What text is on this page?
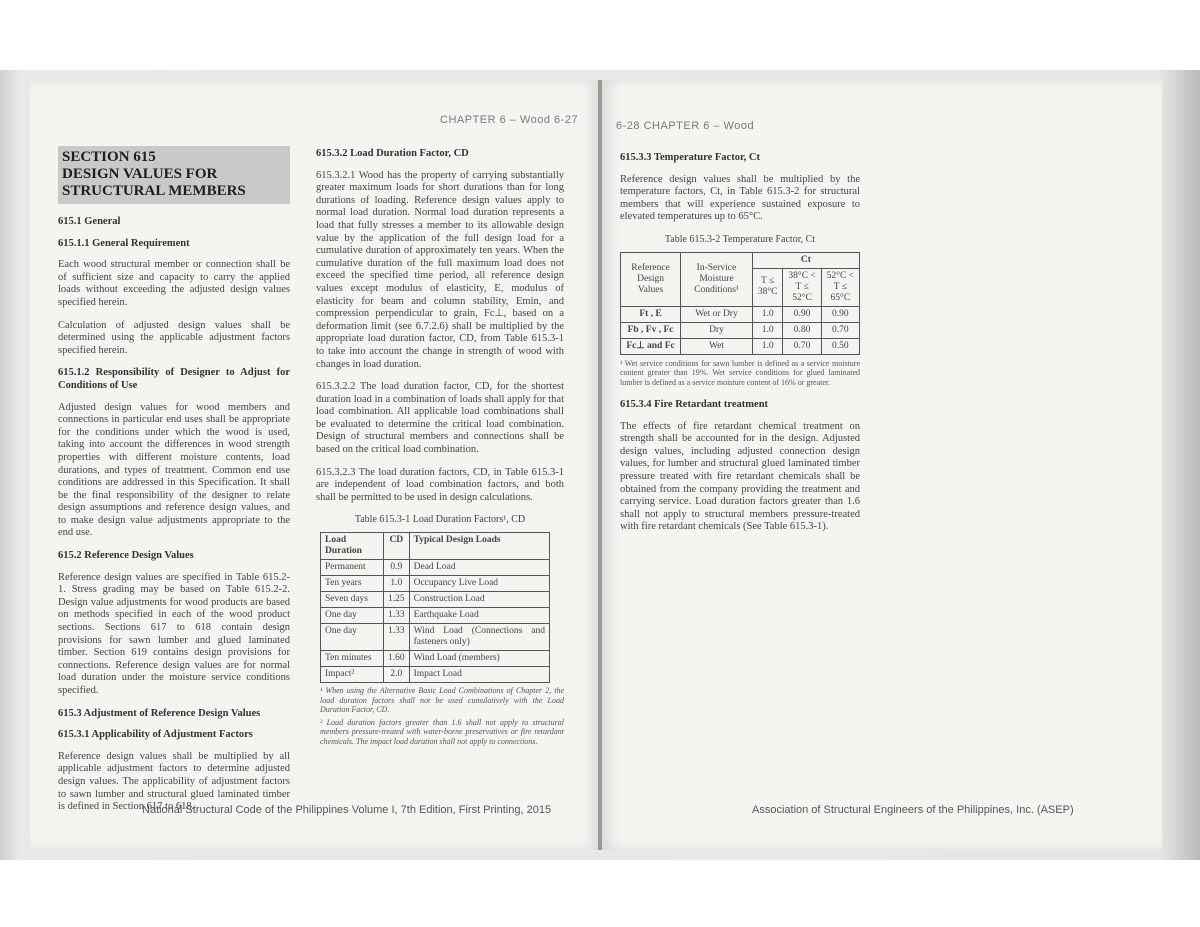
CHAPTER 6 – Wood 6-27
SECTION 615
DESIGN VALUES FOR
STRUCTURAL MEMBERS
615.1 General
615.1.1 General Requirement

Each wood structural member or connection shall be of sufficient size and capacity to carry the applied loads without exceeding the adjusted design values specified herein.

Calculation of adjusted design values shall be determined using the applicable adjustment factors specified herein.

615.1.2 Responsibility of Designer to Adjust for Conditions of Use

Adjusted design values for wood members and connections in particular end uses shall be appropriate for the conditions under which the wood is used, taking into account the differences in wood strength properties with different moisture contents, load durations, and types of treatment. Common end use conditions are addressed in this Specification. It shall be the final responsibility of the designer to relate design assumptions and reference design values, and to make design value adjustments appropriate to the end use.

615.2 Reference Design Values

Reference design values are specified in Table 615.2-1. Stress grading may be based on Table 615.2-2. Design value adjustments for wood products are based on methods specified in each of the wood product sections. Sections 617 to 618 contain design provisions for sawn lumber and glued laminated timber. Section 619 contains design provisions for connections. Reference design values are for normal load duration under the moisture service conditions specified.

615.3 Adjustment of Reference Design Values
615.3.1 Applicability of Adjustment Factors

Reference design values shall be multiplied by all applicable adjustment factors to determine adjusted design values. The applicability of adjustment factors to sawn lumber and structural glued laminated timber is defined in Section 617 to 618.

615.3.2 Load Duration Factor, CD

615.3.2.1 Wood has the property of carrying substantially greater maximum loads for short durations than for long durations of loading. Reference design values apply to normal load duration. Normal load duration represents a load that fully stresses a member to its allowable design value by the application of the full design load for a cumulative duration of approximately ten years. When the cumulative duration of the full maximum load does not exceed the specified time period, all reference design values except modulus of elasticity, E, modulus of elasticity for beam and column stability, Emin, and compression perpendicular to grain, Fc⊥, based on a deformation limit (see 6.7.2.6) shall be multiplied by the appropriate load duration factor, CD, from Table 615.3-1 to take into account the change in strength of wood with changes in load duration.

615.3.2.2 The load duration factor, CD, for the shortest duration load in a combination of loads shall apply for that load combination. All applicable load combinations shall be evaluated to determine the critical load combination. Design of structural members and connections shall be based on the critical load combination.

615.3.2.3 The load duration factors, CD, in Table 615.3-1 are independent of load combination factors, and both shall be permitted to be used in design calculations.

Table 615.3-1 Load Duration Factors¹, CD
Load Duration	CD	Typical Design Loads
Permanent	0.9	Dead Load
Ten years	1.0	Occupancy Live Load
Seven days	1.25	Construction Load
One day	1.33	Earthquake Load
One day	1.33	Wind Load (Connections and fasteners only)
Ten minutes	1.60	Wind Load (members)
Impact²	2.0	Impact Load
¹ When using the Alternative Basic Load Combinations of Chapter 2, the load duration factors shall not be used cumulatively with the Load Duration Factor, CD.
² Load duration factors greater than 1.6 shall not apply to structural members pressure-treated with water-borne preservatives or fire retardant chemicals. The impact load duration shall not apply to connections.
National Structural Code of the Philippines Volume I, 7th Edition, First Printing, 2015
6-28 CHAPTER 6 – Wood
615.3.3 Temperature Factor, Ct

Reference design values shall be multiplied by the temperature factors, Ct, in Table 615.3-2 for structural members that will experience sustained exposure to elevated temperatures up to 65°C.

Table 615.3-2 Temperature Factor, Ct
Reference Design Values	In-Service Moisture Conditions¹	Ct		
		T ≤ 38°C	38°C < T ≤ 52°C	52°C < T ≤ 65°C
Ft , E	Wet or Dry	1.0	0.90	0.90
Fb , Fv , Fc	Dry	1.0	0.80	0.70
Fc⊥ and Fc	Wet	1.0	0.70	0.50
¹ Wet service conditions for sawn lumber is defined as a service moisture content greater than 19%. Wet service conditions for glued laminated lumber is defined as a service moisture content of 16% or greater.
615.3.4 Fire Retardant treatment

The effects of fire retardant chemical treatment on strength shall be accounted for in the design. Adjusted design values, including adjusted connection design values, for lumber and structural glued laminated timber pressure treated with fire retardant chemicals shall be obtained from the company providing the treatment and carrying service. Load duration factors greater than 1.6 shall not apply to structural members pressure-treated with fire retardant chemicals (See Table 615.3-1).

Association of Structural Engineers of the Philippines, Inc. (ASEP)
